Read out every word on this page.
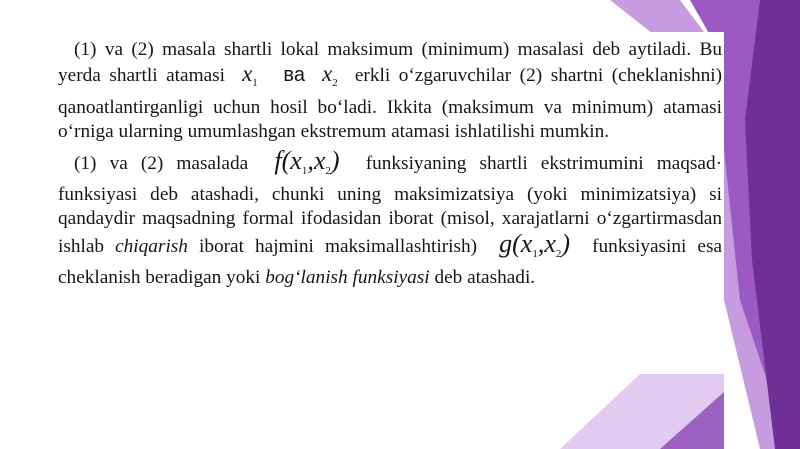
(1) va (2) masala shartli lokal maksimum (minimum) masalasi deb aytiladi. Bu yerda shartli atamasi $x_1$ ва $x_2$ erkli o‘zgaruvchilar (2) shartni (cheklanishni) qanoatlantirganligi uchun hosil bo‘ladi. Ikkita (maksimum va minimum) atamasi o‘rniga ularning umumlashgan ekstremum atamasi ishlatilishi mumkin.

(1) va (2) masalada $f(x_1,x_2)$ funksiyaning shartli ekstrimumini maqsad· funksiyasi deb atashadi, chunki uning maksimizatsiya (yoki minimizatsiya) si qandaydir maqsadning formal ifodasidan iborat (misol, xarajatlarni o‘zgartirmasdan ishlab chiqarish iborat hajmini maksimallashtirish) $g(x_1,x_2)$ funksiyasini esa cheklanish beradigan yoki bog‘lanish funksiyasi deb atashadi.
